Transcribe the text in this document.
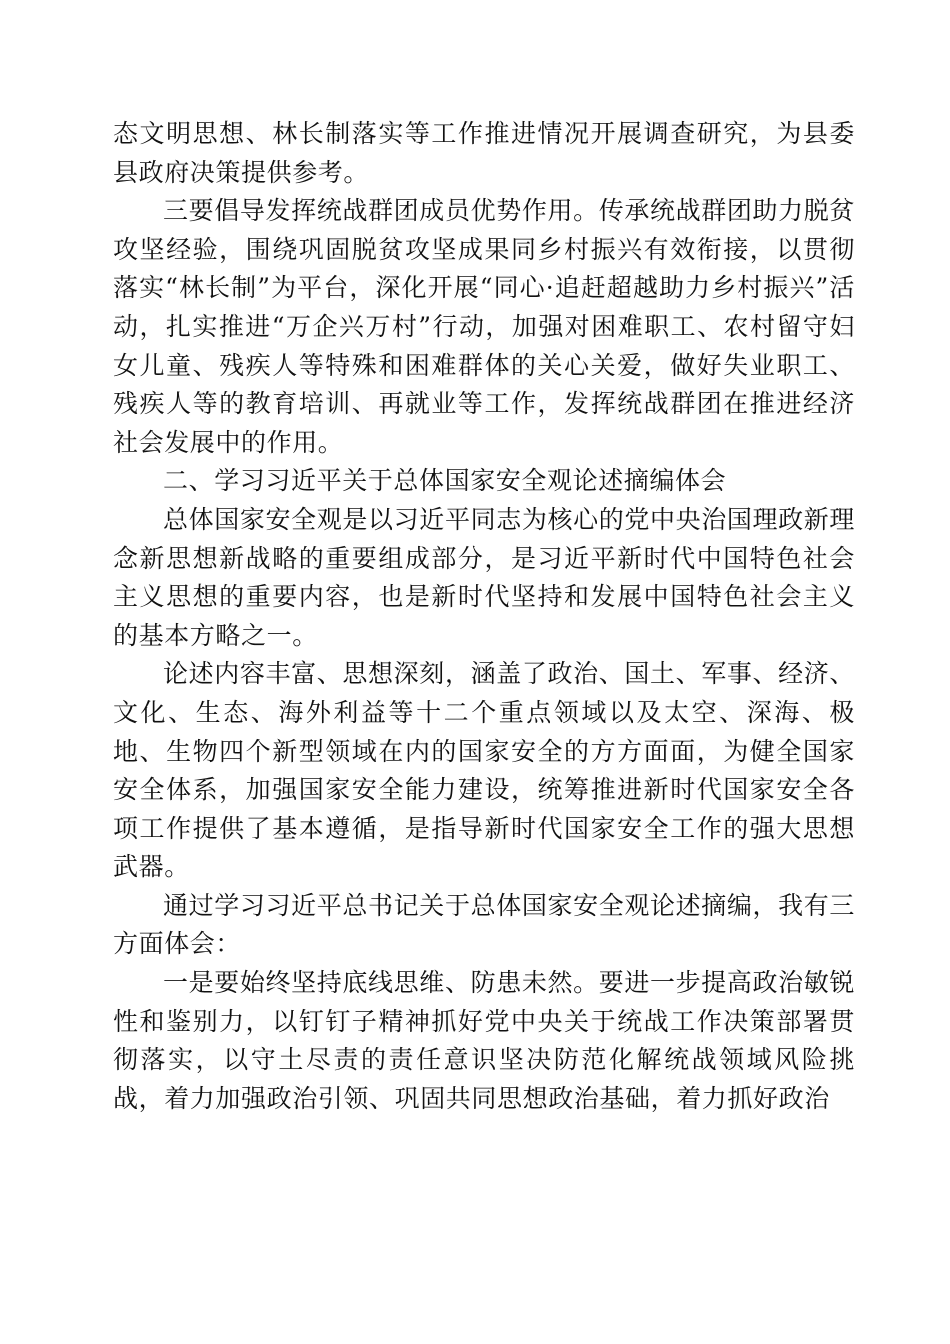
态文明思想、林长制落实等工作推进情况开展调查研究，为县委县政府决策提供参考。

三要倡导发挥统战群团成员优势作用。传承统战群团助力脱贫攻坚经验，围绕巩固脱贫攻坚成果同乡村振兴有效衔接，以贯彻落实“林长制”为平台，深化开展“同心·追赶超越助力乡村振兴”活动，扎实推进“万企兴万村”行动，加强对困难职工、农村留守妇女儿童、残疾人等特殊和困难群体的关心关爱，做好失业职工、残疾人等的教育培训、再就业等工作，发挥统战群团在推进经济社会发展中的作用。

二、学习习近平关于总体国家安全观论述摘编体会

总体国家安全观是以习近平同志为核心的党中央治国理政新理念新思想新战略的重要组成部分，是习近平新时代中国特色社会主义思想的重要内容，也是新时代坚持和发展中国特色社会主义的基本方略之一。

论述内容丰富、思想深刻，涵盖了政治、国土、军事、经济、文化、生态、海外利益等十二个重点领域以及太空、深海、极地、生物四个新型领域在内的国家安全的方方面面，为健全国家安全体系，加强国家安全能力建设，统筹推进新时代国家安全各项工作提供了基本遵循，是指导新时代国家安全工作的强大思想武器。

通过学习习近平总书记关于总体国家安全观论述摘编，我有三方面体会：

一是要始终坚持底线思维、防患未然。要进一步提高政治敏锐性和鉴别力，以钉钉子精神抓好党中央关于统战工作决策部署贯彻落实，以守土尽责的责任意识坚决防范化解统战领域风险挑战，着力加强政治引领、巩固共同思想政治基础，着力抓好政治
